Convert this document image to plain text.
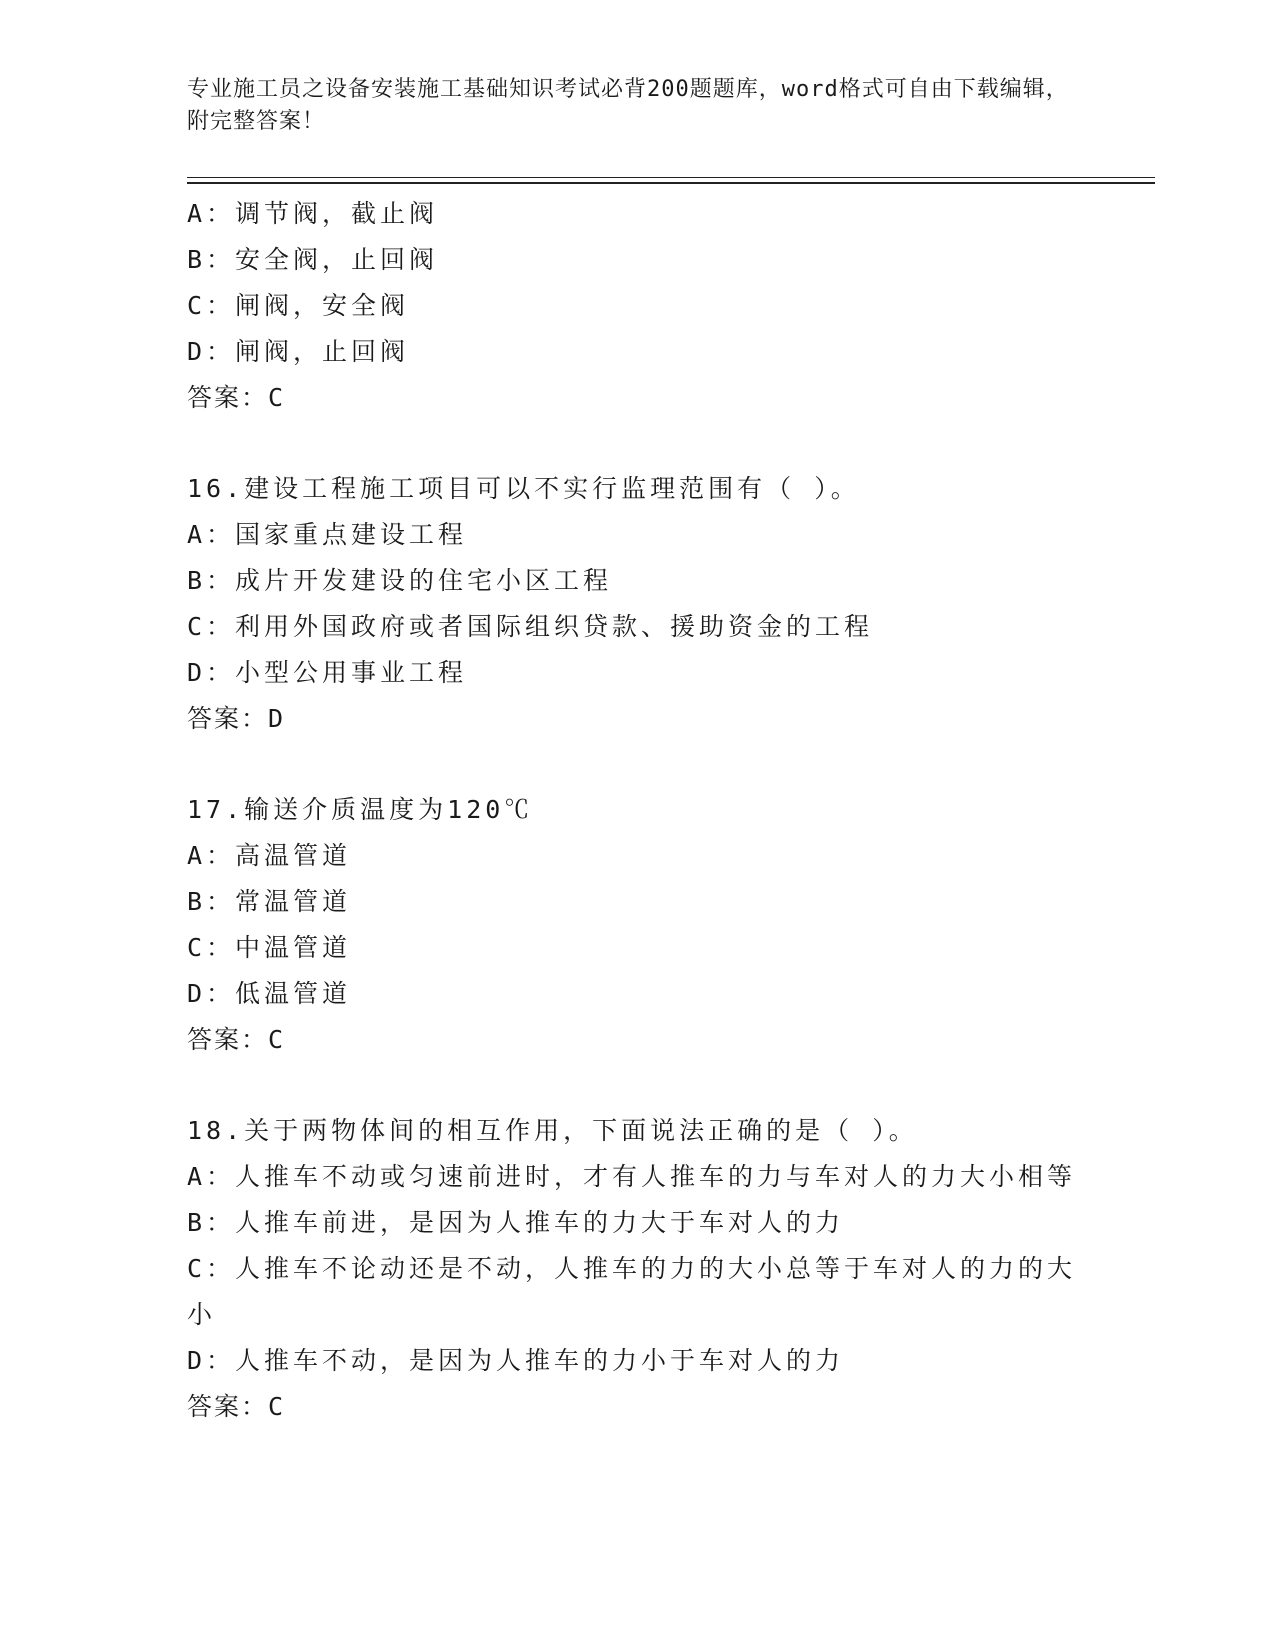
专业施工员之设备安装施工基础知识考试必背200题题库，word格式可自由下载编辑，附完整答案！
A：调节阀，截止阀
B：安全阀，止回阀
C：闸阀，安全阀
D：闸阀，止回阀
答案：C
16.建设工程施工项目可以不实行监理范围有（ ）。
A：国家重点建设工程
B：成片开发建设的住宅小区工程
C：利用外国政府或者国际组织贷款、援助资金的工程
D：小型公用事业工程
答案：D
17.输送介质温度为120℃
A：高温管道
B：常温管道
C：中温管道
D：低温管道
答案：C
18.关于两物体间的相互作用，下面说法正确的是（ ）。
A：人推车不动或匀速前进时，才有人推车的力与车对人的力大小相等
B：人推车前进，是因为人推车的力大于车对人的力
C：人推车不论动还是不动，人推车的力的大小总等于车对人的力的大小
D：人推车不动，是因为人推车的力小于车对人的力
答案：C
